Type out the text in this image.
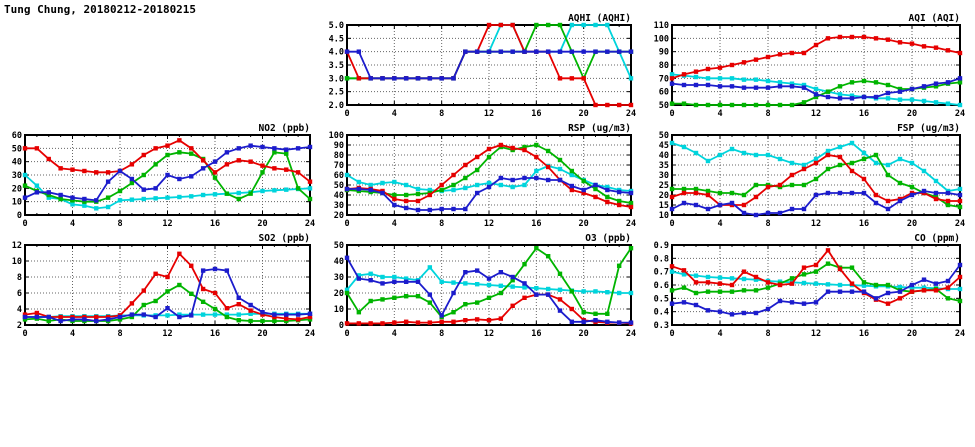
Tung Chung, 20180212-20180215
2.0
2.5
3.0
3.5
4.0
4.5
5.0
0	4	8	12	16	20	24
AQHI (AQHI)
50
60
70
80
90
100
110
0	4	8	12	16	20	24
AQI (AQI)
0
10
20
30
40
50
60
0	4	8	12	16	20	24
NO2 (ppb)
20
30
40
50
60
70
80
90
100
0	4	8	12	16	20	24
RSP (ug/m3)
10
15
20
25
30
35
40
45
50
0	4	8	12	16	20	24
FSP (ug/m3)
2
4
6
8
10
12
0	4	8	12	16	20	24
SO2 (ppb)
0
10
20
30
40
50
0	4	8	12	16	20	24
O3 (ppb)
0.3
0.4
0.5
0.6
0.7
0.8
0.9
0	4	8	12	16	20	24
CO (ppm)
